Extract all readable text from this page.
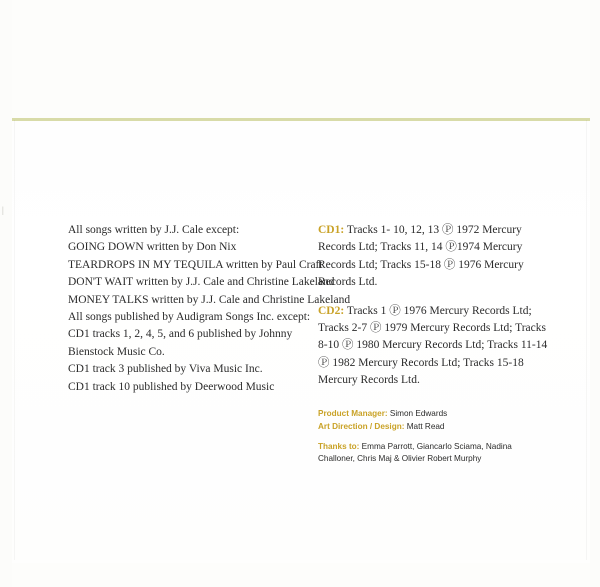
|
All songs written by J.J. Cale except:
GOING DOWN written by Don Nix
TEARDROPS IN MY TEQUILA written by Paul Craft
DON'T WAIT written by J.J. Cale and Christine Lakeland
MONEY TALKS written by J.J. Cale and Christine Lakeland
All songs published by Audigram Songs Inc. except:
CD1 tracks 1, 2, 4, 5, and 6 published by Johnny
Bienstock Music Co.
CD1 track 3 published by Viva Music Inc.
CD1 track 10 published by Deerwood Music
CD1: Tracks 1- 10, 12, 13 Ⓟ 1972 Mercury Records Ltd; Tracks 11, 14 Ⓟ1974 Mercury Records Ltd; Tracks 15-18 Ⓟ 1976 Mercury Records Ltd.
CD2: Tracks 1 Ⓟ 1976 Mercury Records Ltd; Tracks 2-7 Ⓟ 1979 Mercury Records Ltd; Tracks 8-10 Ⓟ 1980 Mercury Records Ltd; Tracks 11-14 Ⓟ 1982 Mercury Records Ltd; Tracks 15-18 Mercury Records Ltd.
Product Manager: Simon Edwards
Art Direction / Design: Matt Read
Thanks to: Emma Parrott, Giancarlo Sciama, Nadina Challoner, Chris Maj & Olivier Robert Murphy
